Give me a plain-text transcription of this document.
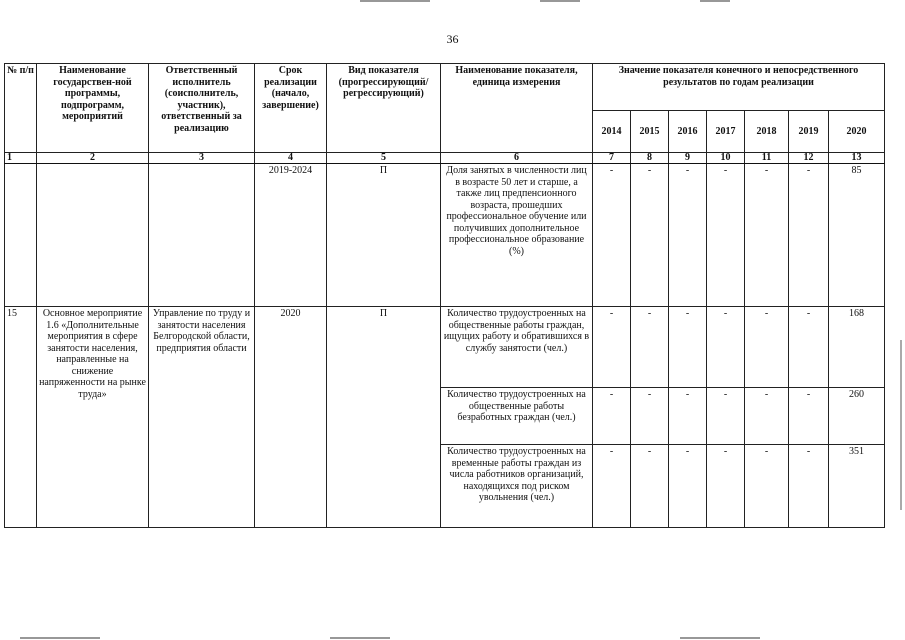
36
№ п/п	Наименование государствен-ной программы, подпрограмм, мероприятий	Ответственный исполнитель (соисполнитель, участник), ответственный за реализацию	Срок реализации (начало, завершение)	Вид показателя (прогрессирующий/ регрессирующий)	Наименование показателя, единица измерения	Значение показателя конечного и непосредственного результатов по годам реализации						
						2014	2015	2016	2017	2018	2019	2020
1	2	3	4	5	6	7	8	9	10	11	12	13
			2019-2024	П	Доля занятых в численности лиц в возрасте 50 лет и старше, а также лиц предпенсионного возраста, прошедших профессиональное обучение или получивших дополнительное профессиональное образование (%)	-	-	-	-	-	-	85
15	Основное мероприятие 1.6 «Дополнительные мероприятия в сфере занятости населения, направленные на снижение напряженности на рынке труда»	Управление по труду и занятости населения Белгородской области, предприятия области	2020	П	Количество трудоустроенных на общественные работы граждан, ищущих работу и обратившихся в службу занятости (чел.)	-	-	-	-	-	-	168
					Количество трудоустроенных на общественные работы безработных граждан (чел.)	-	-	-	-	-	-	260
					Количество трудоустроенных на временные работы граждан из числа работников организаций, находящихся под риском увольнения (чел.)	-	-	-	-	-	-	351
